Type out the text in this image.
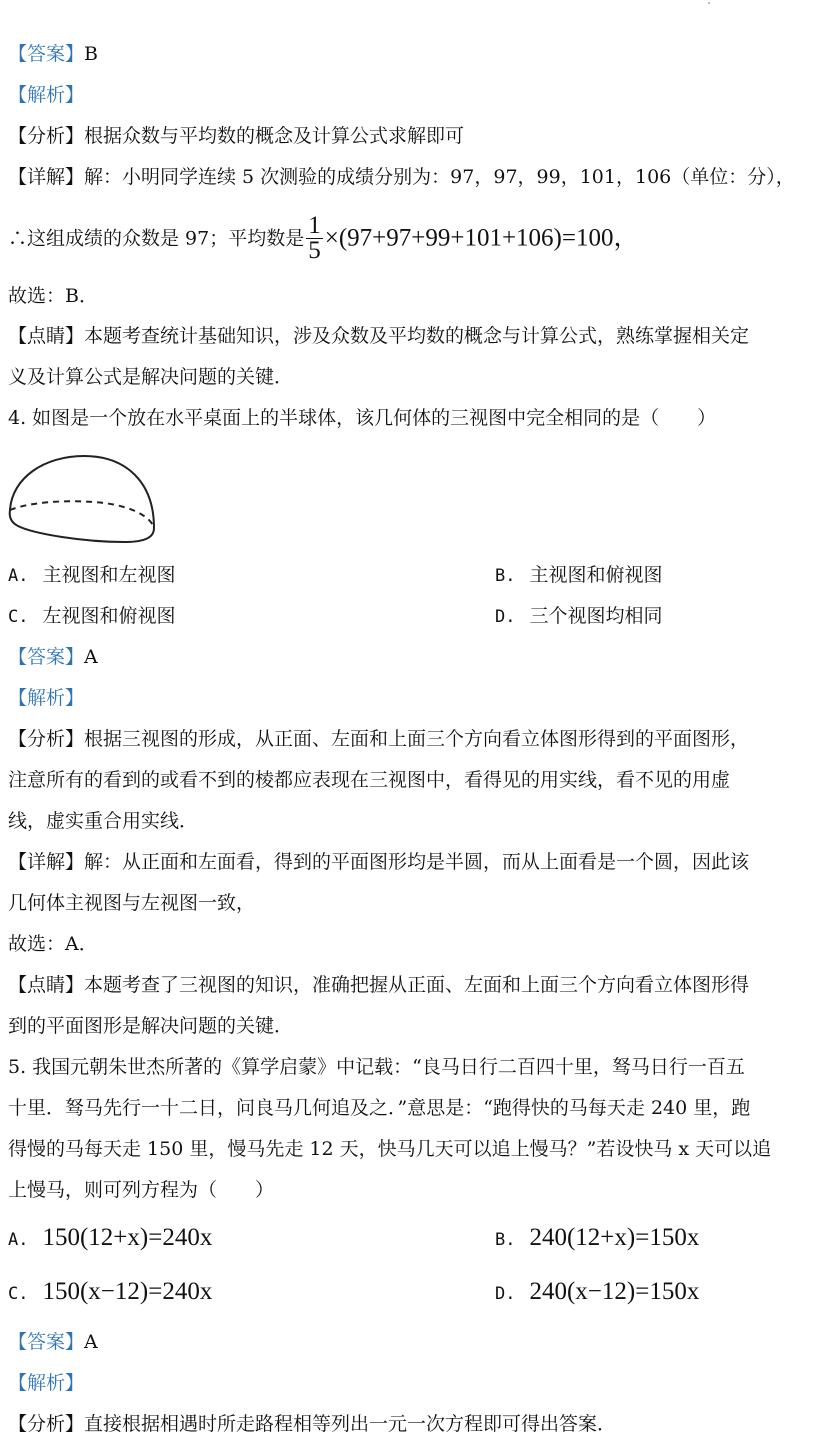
【答案】B
【解析】
【分析】根据众数与平均数的概念及计算公式求解即可
【详解】解：小明同学连续 5 次测验的成绩分别为：97，97，99，101，106（单位：分），
∴这组成绩的众数是 97；平均数是 $\frac{1}{5} \times(97+97+99+101+106)=100$，
故选：B．
【点睛】本题考查统计基础知识，涉及众数及平均数的概念与计算公式，熟练掌握相关定
义及计算公式是解决问题的关键．
4. 如图是一个放在水平桌面上的半球体，该几何体的三视图中完全相同的是（　　）
A. 主视图和左视图	B. 主视图和俯视图
C. 左视图和俯视图	D. 三个视图均相同
【答案】A
【解析】
【分析】根据三视图的形成，从正面、左面和上面三个方向看立体图形得到的平面图形，
注意所有的看到的或看不到的棱都应表现在三视图中，看得见的用实线，看不见的用虚
线，虚实重合用实线．
【详解】解：从正面和左面看，得到的平面图形均是半圆，而从上面看是一个圆，因此该
几何体主视图与左视图一致，
故选：A．
【点睛】本题考查了三视图的知识，准确把握从正面、左面和上面三个方向看立体图形得
到的平面图形是解决问题的关键．
5. 我国元朝朱世杰所著的《算学启蒙》中记载：“良马日行二百四十里，驽马日行一百五
十里．驽马先行一十二日，问良马几何追及之．”意思是：“跑得快的马每天走 240 里，跑
得慢的马每天走 150 里，慢马先走 12 天，快马几天可以追上慢马？”若设快马 x 天可以追
上慢马，则可列方程为（　　）
A. 150(12+x)=240x	B. 240(12+x)=150x
C. 150(x−12)=240x	D. 240(x−12)=150x
【答案】A
【解析】
【分析】直接根据相遇时所走路程相等列出一元一次方程即可得出答案．
